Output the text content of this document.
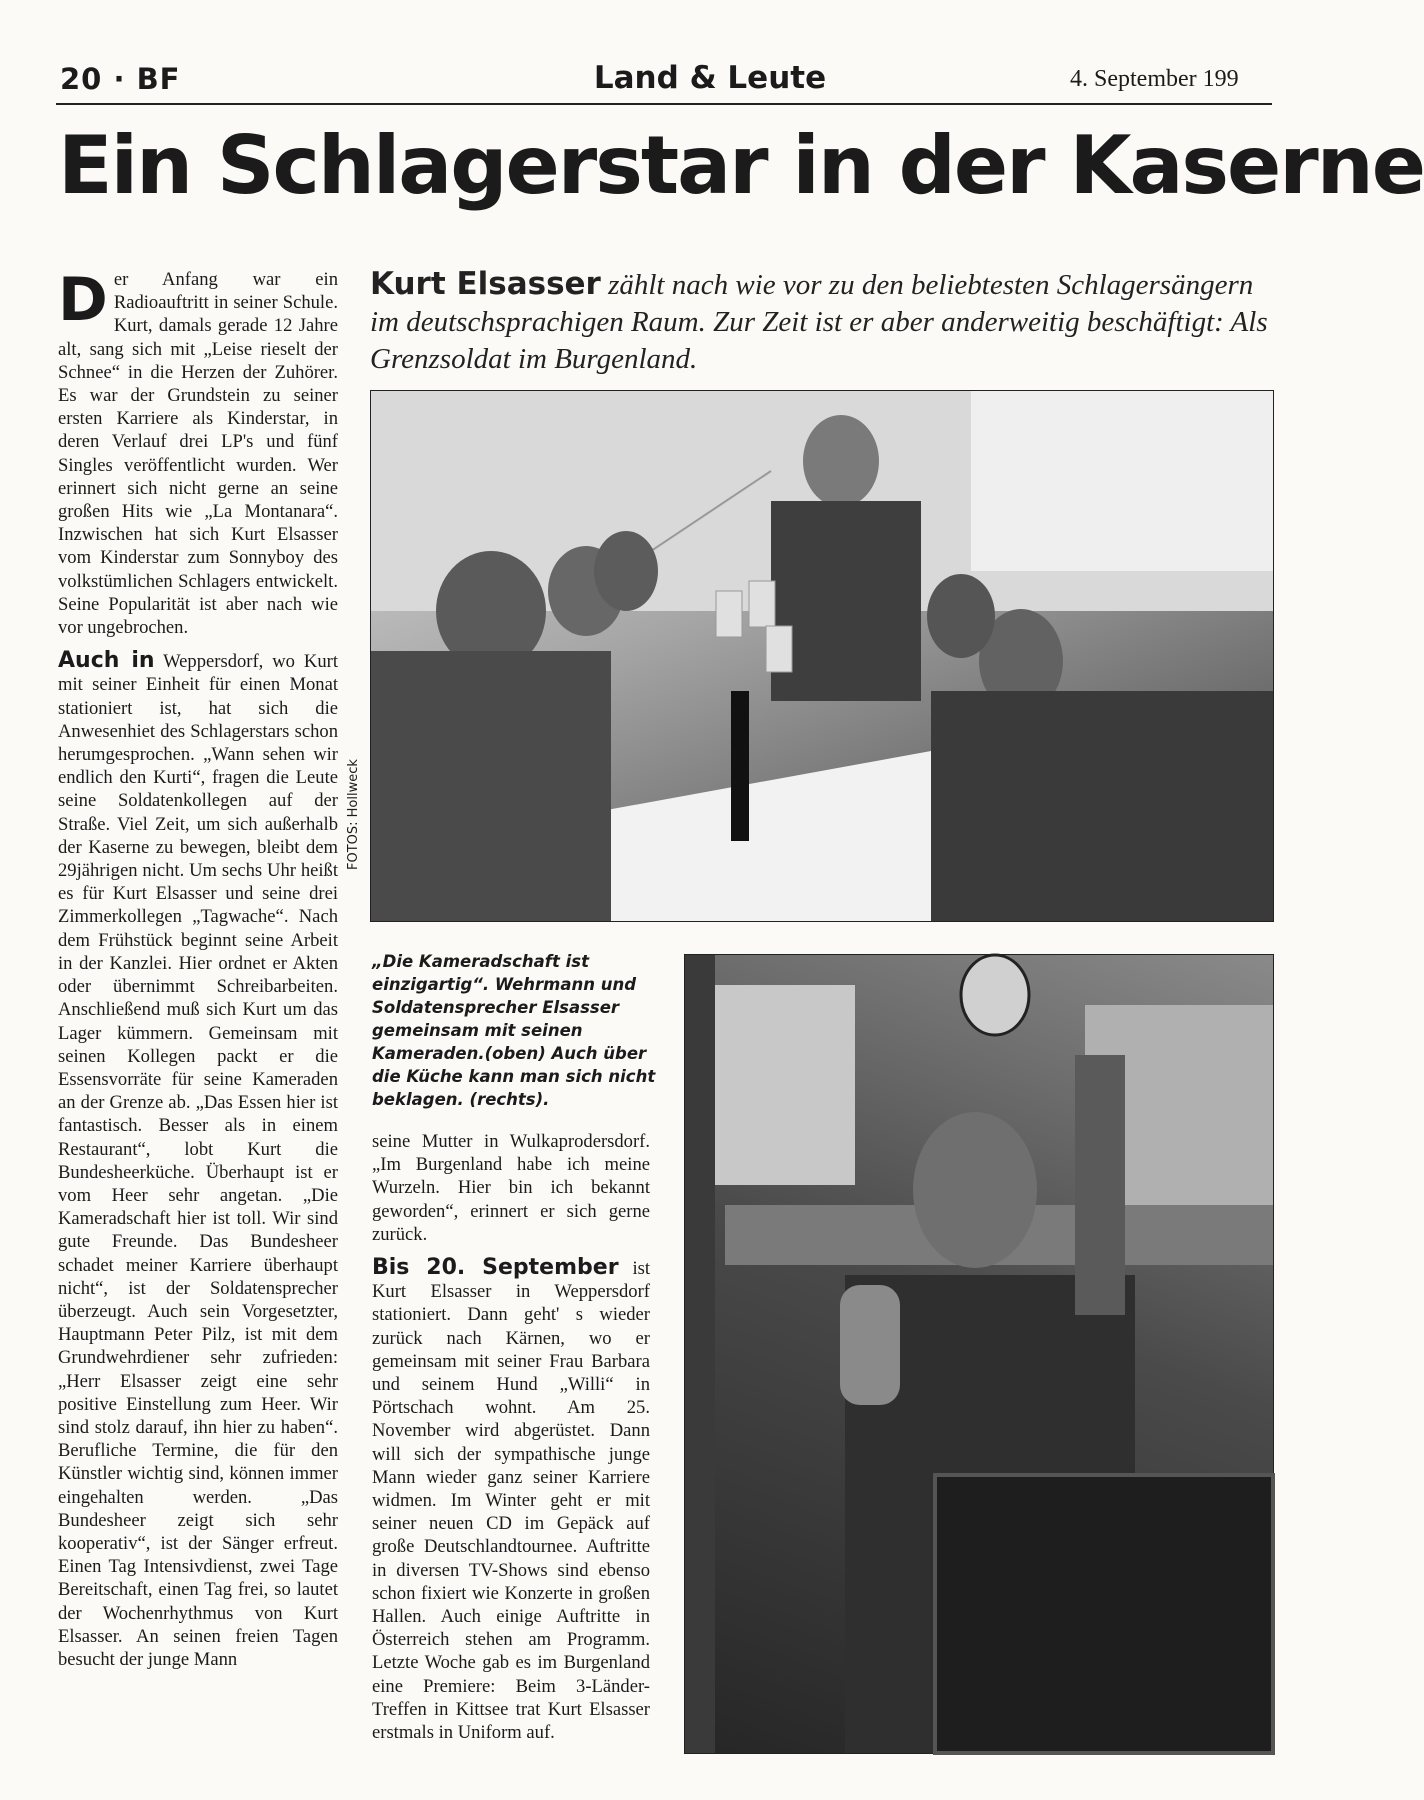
20 · BF	Land & Leute	4. September 199
Ein Schlagerstar in der Kaserne

Der Anfang war ein Radioauftritt in seiner Schule. Kurt, damals gerade 12 Jahre alt, sang sich mit „Leise rieselt der Schnee“ in die Herzen der Zuhörer. Es war der Grundstein zu seiner ersten Karriere als Kinderstar, in deren Verlauf drei LP's und fünf Singles veröffentlicht wurden. Wer erinnert sich nicht gerne an seine großen Hits wie „La Montanara“. Inzwischen hat sich Kurt Elsasser vom Kinderstar zum Sonnyboy des volkstümlichen Schlagers entwickelt. Seine Popularität ist aber nach wie vor ungebrochen.

Auch in Weppersdorf, wo Kurt mit seiner Einheit für einen Monat stationiert ist, hat sich die Anwesenhiet des Schlagerstars schon herumgesprochen. „Wann sehen wir endlich den Kurti“, fragen die Leute seine Soldatenkollegen auf der Straße. Viel Zeit, um sich außerhalb der Kaserne zu bewegen, bleibt dem 29jährigen nicht. Um sechs Uhr heißt es für Kurt Elsasser und seine drei Zimmerkollegen „Tagwache“. Nach dem Frühstück beginnt seine Arbeit in der Kanzlei. Hier ordnet er Akten oder übernimmt Schreibarbeiten. Anschließend muß sich Kurt um das Lager kümmern. Gemeinsam mit seinen Kollegen packt er die Essensvorräte für seine Kameraden an der Grenze ab. „Das Essen hier ist fantastisch. Besser als in einem Restaurant“, lobt Kurt die Bundesheerküche. Überhaupt ist er vom Heer sehr angetan. „Die Kameradschaft hier ist toll. Wir sind gute Freunde. Das Bundesheer schadet meiner Karriere überhaupt nicht“, ist der Soldatensprecher überzeugt. Auch sein Vorgesetzter, Hauptmann Peter Pilz, ist mit dem Grundwehrdiener sehr zufrieden: „Herr Elsasser zeigt eine sehr positive Einstellung zum Heer. Wir sind stolz darauf, ihn hier zu haben“. Berufliche Termine, die für den Künstler wichtig sind, können immer eingehalten werden. „Das Bundesheer zeigt sich sehr kooperativ“, ist der Sänger erfreut. Einen Tag Intensivdienst, zwei Tage Bereitschaft, einen Tag frei, so lautet der Wochenrhythmus von Kurt Elsasser. An seinen freien Tagen besucht der junge Mann

Kurt Elsasser zählt nach wie vor zu den beliebtesten Schlagersängern im deutschsprachigen Raum. Zur Zeit ist er aber anderweitig beschäftigt: Als Grenzsoldat im Burgenland.
FOTOS: Hollweck
„Die Kameradschaft ist einzigartig“. Wehrmann und Soldatensprecher Elsasser gemeinsam mit seinen Kameraden.(oben) Auch über die Küche kann man sich nicht beklagen. (rechts).

seine Mutter in Wulkaprodersdorf. „Im Burgenland habe ich meine Wurzeln. Hier bin ich bekannt geworden“, erinnert er sich gerne zurück.

Bis 20. September ist Kurt Elsasser in Weppersdorf stationiert. Dann geht' s wieder zurück nach Kärnen, wo er gemeinsam mit seiner Frau Barbara und seinem Hund „Willi“ in Pörtschach wohnt. Am 25. November wird abgerüstet. Dann will sich der sympathische junge Mann wieder ganz seiner Karriere widmen. Im Winter geht er mit seiner neuen CD im Gepäck auf große Deutschlandtournee. Auftritte in diversen TV-Shows sind ebenso schon fixiert wie Konzerte in großen Hallen. Auch einige Auftritte in Österreich stehen am Programm. Letzte Woche gab es im Burgenland eine Premiere: Beim 3-Länder-Treffen in Kittsee trat Kurt Elsasser erstmals in Uniform auf.
